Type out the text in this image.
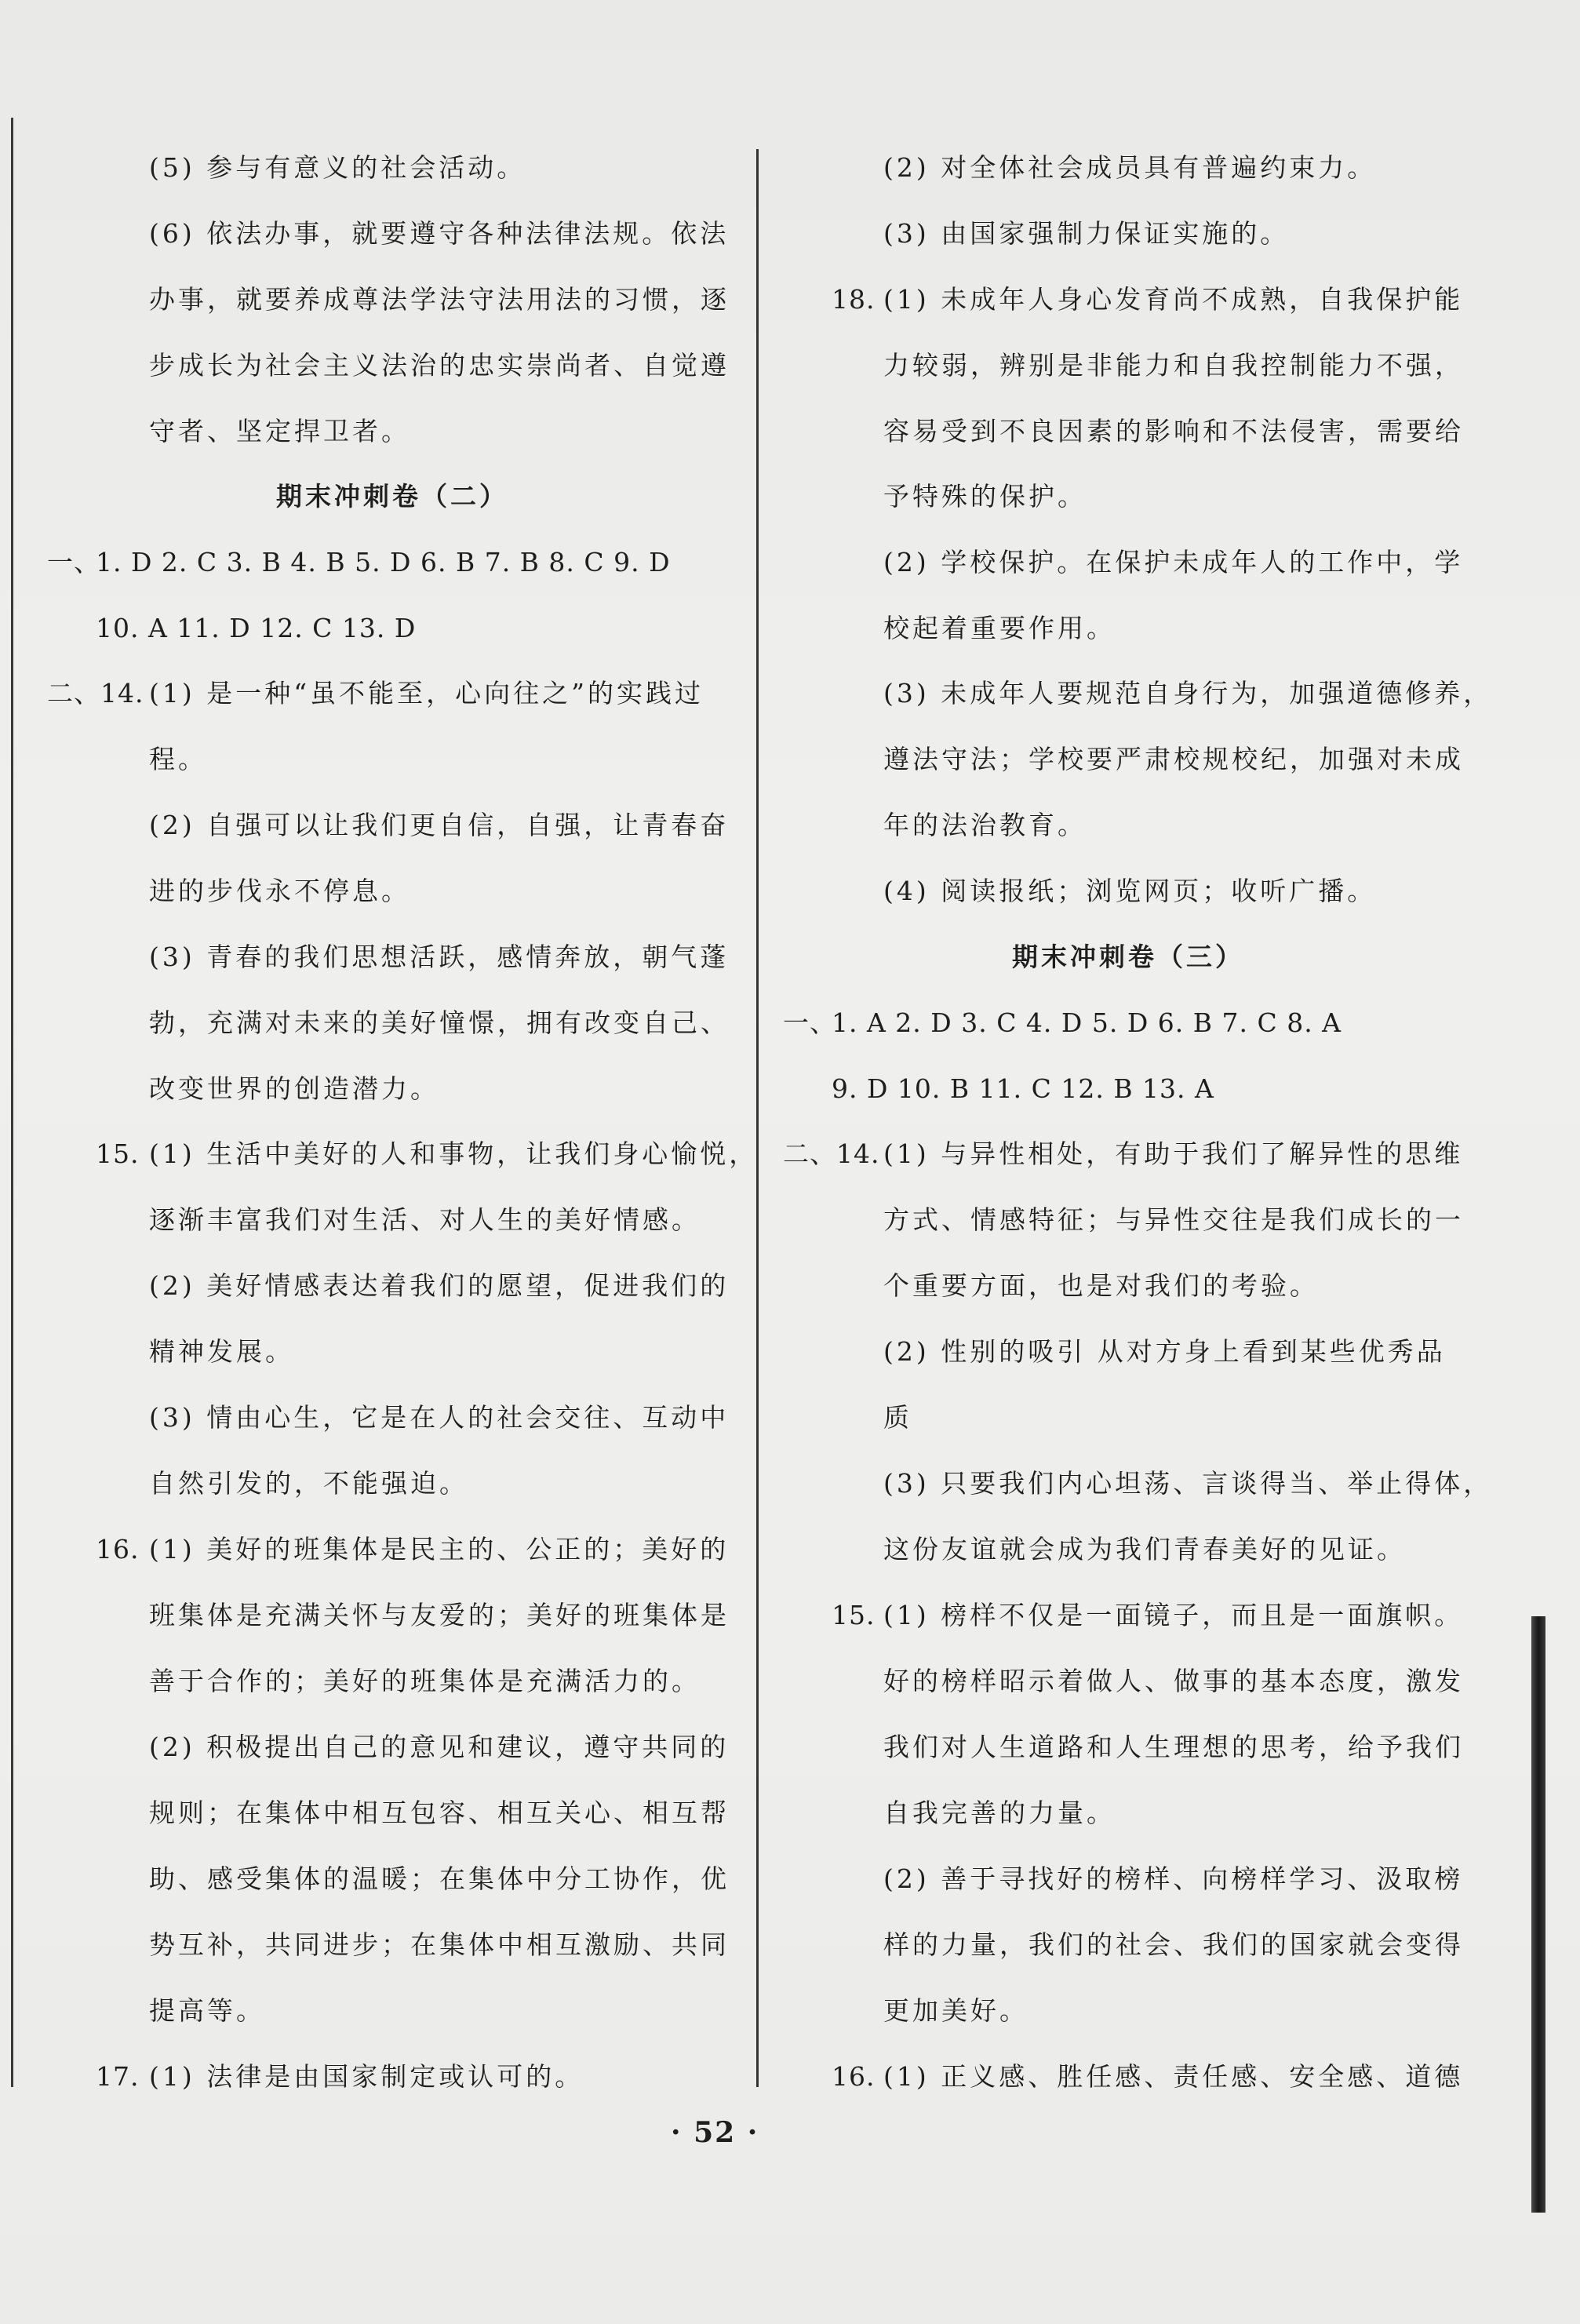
(5) 参与有意义的社会活动。
(6) 依法办事，就要遵守各种法律法规。依法
办事，就要养成尊法学法守法用法的习惯，逐
步成长为社会主义法治的忠实崇尚者、自觉遵
守者、坚定捍卫者。
期末冲刺卷（二）
一、
1. D 2. C 3. B 4. B 5. D 6. B 7. B 8. C 9. D
10. A 11. D 12. C 13. D
二、14. (1) 是一种“虽不能至，心向往之”的实践过
程。
(2) 自强可以让我们更自信，自强，让青春奋
进的步伐永不停息。
(3) 青春的我们思想活跃，感情奔放，朝气蓬
勃，充满对未来的美好憧憬，拥有改变自己、
改变世界的创造潜力。
15. (1) 生活中美好的人和事物，让我们身心愉悦，
逐渐丰富我们对生活、对人生的美好情感。
(2) 美好情感表达着我们的愿望，促进我们的
精神发展。
(3) 情由心生，它是在人的社会交往、互动中
自然引发的，不能强迫。
16. (1) 美好的班集体是民主的、公正的；美好的
班集体是充满关怀与友爱的；美好的班集体是
善于合作的；美好的班集体是充满活力的。
(2) 积极提出自己的意见和建议，遵守共同的
规则；在集体中相互包容、相互关心、相互帮
助、感受集体的温暖；在集体中分工协作，优
势互补，共同进步；在集体中相互激励、共同
提高等。
17. (1) 法律是由国家制定或认可的。
(2) 对全体社会成员具有普遍约束力。
(3) 由国家强制力保证实施的。
18. (1) 未成年人身心发育尚不成熟，自我保护能
力较弱，辨别是非能力和自我控制能力不强，
容易受到不良因素的影响和不法侵害，需要给
予特殊的保护。
(2) 学校保护。在保护未成年人的工作中，学
校起着重要作用。
(3) 未成年人要规范自身行为，加强道德修养，
遵法守法；学校要严肃校规校纪，加强对未成
年的法治教育。
(4) 阅读报纸；浏览网页；收听广播。
期末冲刺卷（三）
一、
1. A 2. D 3. C 4. D 5. D 6. B 7. C 8. A
9. D 10. B 11. C 12. B 13. A
二、14. (1) 与异性相处，有助于我们了解异性的思维
方式、情感特征；与异性交往是我们成长的一
个重要方面，也是对我们的考验。
(2) 性别的吸引 从对方身上看到某些优秀品
质
(3) 只要我们内心坦荡、言谈得当、举止得体，
这份友谊就会成为我们青春美好的见证。
15. (1) 榜样不仅是一面镜子，而且是一面旗帜。
好的榜样昭示着做人、做事的基本态度，激发
我们对人生道路和人生理想的思考，给予我们
自我完善的力量。
(2) 善于寻找好的榜样、向榜样学习、汲取榜
样的力量，我们的社会、我们的国家就会变得
更加美好。
16. (1) 正义感、胜任感、责任感、安全感、道德
· 52 ·
